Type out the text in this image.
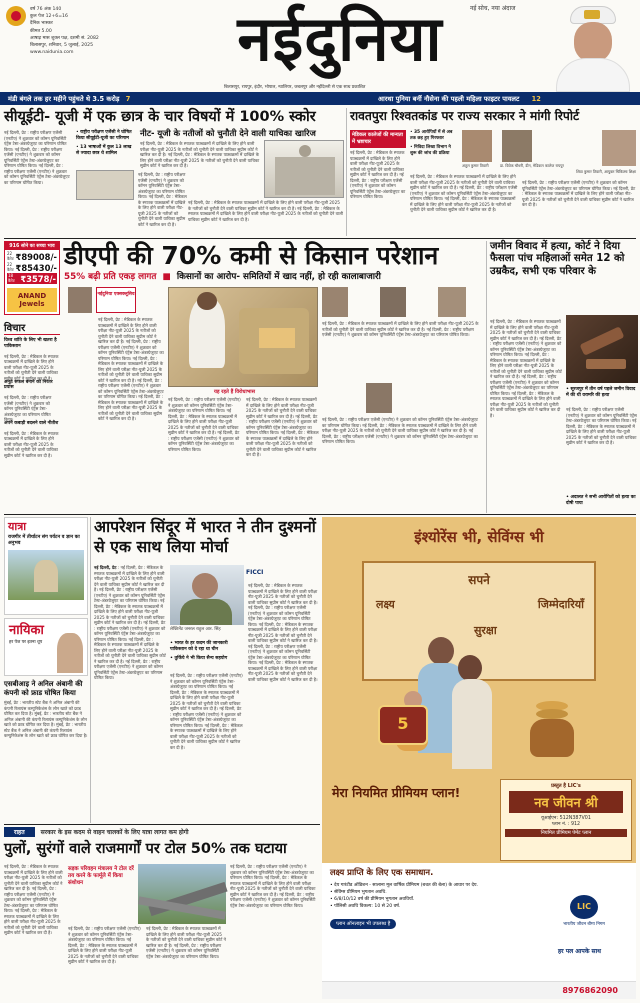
वर्ष 76 अंक 140
कुल पेज 12+6=16
दैनिक भास्कर
कीमत 5.00
आषाढ़ मास शुक्ल पक्ष, दशमी सं. 2082
बिलासपुर, शनिवार, 5 जुलाई, 2025
www.naidunia.com	नईदुनिया	नई सोच, नया अंदाज
बिलासपुर, रायपुर, इंदौर, भोपाल, ग्वालियर, जबलपुर और नईदिल्ली से एक साथ प्रकाशित
मंडी बंगले तक हर महीने पहुंचते थे 3.5 करोड़ 7	आरथा पुनिया बनीं नौसेना की पहली महिला फाइटर पायलट 12
सीयूईटी- यूजी में एक छात्र के चार विषयों में 100% स्कोर
नई दिल्ली, प्रेट : राष्ट्रीय परीक्षण एजेंसी (एनटीए) ने शुक्रवार को कॉमन यूनिवर्सिटी एंट्रेंस टेस्ट-अंडरग्रेजुएट का परिणाम घोषित किया। नई दिल्ली, प्रेट : राष्ट्रीय परीक्षण एजेंसी (एनटीए) ने शुक्रवार को कॉमन यूनिवर्सिटी एंट्रेंस टेस्ट-अंडरग्रेजुएट का परिणाम घोषित किया। नई दिल्ली, प्रेट : राष्ट्रीय परीक्षण एजेंसी (एनटीए) ने शुक्रवार को कॉमन यूनिवर्सिटी एंट्रेंस टेस्ट-अंडरग्रेजुएट का परिणाम घोषित किया।
• राष्ट्रीय परीक्षण एजेंसी ने घोषित किया सीयूईटी-यूजी का परिणाम
• 13 भाषाओं में कुल 13 लाख से ज्यादा छात्र थे शामिल
नई दिल्ली, प्रेट : राष्ट्रीय परीक्षण एजेंसी (एनटीए) ने शुक्रवार को कॉमन यूनिवर्सिटी एंट्रेंस टेस्ट-अंडरग्रेजुएट का परिणाम घोषित किया। नई दिल्ली, प्रेट : मेडिकल के स्नातक पाठ्यक्रमों में दाखिले के लिए होने वाली परीक्षा नीट-यूजी 2025 के नतीजों को चुनौती देने वाली याचिका सुप्रीम कोर्ट ने खारिज कर दी है।
नीट- यूजी के नतीजों को चुनौती देने वाली याचिका खारिज
नई दिल्ली, प्रेट : मेडिकल के स्नातक पाठ्यक्रमों में दाखिले के लिए होने वाली परीक्षा नीट-यूजी 2025 के नतीजों को चुनौती देने वाली याचिका सुप्रीम कोर्ट ने खारिज कर दी है। नई दिल्ली, प्रेट : मेडिकल के स्नातक पाठ्यक्रमों में दाखिले के लिए होने वाली परीक्षा नीट-यूजी 2025 के नतीजों को चुनौती देने वाली याचिका सुप्रीम कोर्ट ने खारिज कर दी है।
नई दिल्ली, प्रेट : मेडिकल के स्नातक पाठ्यक्रमों में दाखिले के लिए होने वाली परीक्षा नीट-यूजी 2025 के नतीजों को चुनौती देने वाली याचिका सुप्रीम कोर्ट ने खारिज कर दी है। नई दिल्ली, प्रेट : मेडिकल के स्नातक पाठ्यक्रमों में दाखिले के लिए होने वाली परीक्षा नीट-यूजी 2025 के नतीजों को चुनौती देने वाली याचिका सुप्रीम कोर्ट ने खारिज कर दी है।
रावतपुरा रिश्वतकांड पर राज्य सरकार ने मांगी रिपोर्ट
मेडिकल कालेजों की मान्यता में भ्रष्टाचार
• 35 आरोपियों में से अब तक छह हुए गिरफ्तार
• निविदा लिखा विभाग ने शुरू की जांच की प्रक्रिया
नई दिल्ली, प्रेट : मेडिकल के स्नातक पाठ्यक्रमों में दाखिले के लिए होने वाली परीक्षा नीट-यूजी 2025 के नतीजों को चुनौती देने वाली याचिका सुप्रीम कोर्ट ने खारिज कर दी है। नई दिल्ली, प्रेट : राष्ट्रीय परीक्षण एजेंसी (एनटीए) ने शुक्रवार को कॉमन यूनिवर्सिटी एंट्रेंस टेस्ट-अंडरग्रेजुएट का परिणाम घोषित किया।
नई दिल्ली, प्रेट : मेडिकल के स्नातक पाठ्यक्रमों में दाखिले के लिए होने वाली परीक्षा नीट-यूजी 2025 के नतीजों को चुनौती देने वाली याचिका सुप्रीम कोर्ट ने खारिज कर दी है। नई दिल्ली, प्रेट : राष्ट्रीय परीक्षण एजेंसी (एनटीए) ने शुक्रवार को कॉमन यूनिवर्सिटी एंट्रेंस टेस्ट-अंडरग्रेजुएट का परिणाम घोषित किया। नई दिल्ली, प्रेट : मेडिकल के स्नातक पाठ्यक्रमों में दाखिले के लिए होने वाली परीक्षा नीट-यूजी 2025 के नतीजों को चुनौती देने वाली याचिका सुप्रीम कोर्ट ने खारिज कर दी है।
अतुल कुमार तिवारी	डा. विवेक चौधरी, डीन, मेडिकल कालेज रायपुर
शिवा कुमार तिवारी, आयुक्त चिकित्सा शिक्षा
नई दिल्ली, प्रेट : राष्ट्रीय परीक्षण एजेंसी (एनटीए) ने शुक्रवार को कॉमन यूनिवर्सिटी एंट्रेंस टेस्ट-अंडरग्रेजुएट का परिणाम घोषित किया। नई दिल्ली, प्रेट : मेडिकल के स्नातक पाठ्यक्रमों में दाखिले के लिए होने वाली परीक्षा नीट-यूजी 2025 के नतीजों को चुनौती देने वाली याचिका सुप्रीम कोर्ट ने खारिज कर दी है।
916 सोने का सच्चा भाव
22 कैरेट ₹89008/-
22 कैरेट ₹85430/-
18 कैरेट ₹3578/-
ANAND Jewels
डीएपी की 70% कमी से किसान परेशान
55% बढ़ी प्रति एकड़ लागत ■ किसानों का आरोप- समितियों में खाद नहीं, हो रही कालाबाजारी
नईदुनिया एक्सक्लूसिव
नई दिल्ली, प्रेट : मेडिकल के स्नातक पाठ्यक्रमों में दाखिले के लिए होने वाली परीक्षा नीट-यूजी 2025 के नतीजों को चुनौती देने वाली याचिका सुप्रीम कोर्ट ने खारिज कर दी है। नई दिल्ली, प्रेट : राष्ट्रीय परीक्षण एजेंसी (एनटीए) ने शुक्रवार को कॉमन यूनिवर्सिटी एंट्रेंस टेस्ट-अंडरग्रेजुएट का परिणाम घोषित किया। नई दिल्ली, प्रेट : मेडिकल के स्नातक पाठ्यक्रमों में दाखिले के लिए होने वाली परीक्षा नीट-यूजी 2025 के नतीजों को चुनौती देने वाली याचिका सुप्रीम कोर्ट ने खारिज कर दी है। नई दिल्ली, प्रेट : राष्ट्रीय परीक्षण एजेंसी (एनटीए) ने शुक्रवार को कॉमन यूनिवर्सिटी एंट्रेंस टेस्ट-अंडरग्रेजुएट का परिणाम घोषित किया। नई दिल्ली, प्रेट : मेडिकल के स्नातक पाठ्यक्रमों में दाखिले के लिए होने वाली परीक्षा नीट-यूजी 2025 के नतीजों को चुनौती देने वाली याचिका सुप्रीम कोर्ट ने खारिज कर दी है।
यह रहते हैं विरोधाभास
नई दिल्ली, प्रेट : राष्ट्रीय परीक्षण एजेंसी (एनटीए) ने शुक्रवार को कॉमन यूनिवर्सिटी एंट्रेंस टेस्ट-अंडरग्रेजुएट का परिणाम घोषित किया। नई दिल्ली, प्रेट : मेडिकल के स्नातक पाठ्यक्रमों में दाखिले के लिए होने वाली परीक्षा नीट-यूजी 2025 के नतीजों को चुनौती देने वाली याचिका सुप्रीम कोर्ट ने खारिज कर दी है। नई दिल्ली, प्रेट : राष्ट्रीय परीक्षण एजेंसी (एनटीए) ने शुक्रवार को कॉमन यूनिवर्सिटी एंट्रेंस टेस्ट-अंडरग्रेजुएट का परिणाम घोषित किया।
नई दिल्ली, प्रेट : मेडिकल के स्नातक पाठ्यक्रमों में दाखिले के लिए होने वाली परीक्षा नीट-यूजी 2025 के नतीजों को चुनौती देने वाली याचिका सुप्रीम कोर्ट ने खारिज कर दी है। नई दिल्ली, प्रेट : राष्ट्रीय परीक्षण एजेंसी (एनटीए) ने शुक्रवार को कॉमन यूनिवर्सिटी एंट्रेंस टेस्ट-अंडरग्रेजुएट का परिणाम घोषित किया। नई दिल्ली, प्रेट : मेडिकल के स्नातक पाठ्यक्रमों में दाखिले के लिए होने वाली परीक्षा नीट-यूजी 2025 के नतीजों को चुनौती देने वाली याचिका सुप्रीम कोर्ट ने खारिज कर दी है।
नई दिल्ली, प्रेट : मेडिकल के स्नातक पाठ्यक्रमों में दाखिले के लिए होने वाली परीक्षा नीट-यूजी 2025 के नतीजों को चुनौती देने वाली याचिका सुप्रीम कोर्ट ने खारिज कर दी है। नई दिल्ली, प्रेट : राष्ट्रीय परीक्षण एजेंसी (एनटीए) ने शुक्रवार को कॉमन यूनिवर्सिटी एंट्रेंस टेस्ट-अंडरग्रेजुएट का परिणाम घोषित किया।
नई दिल्ली, प्रेट : राष्ट्रीय परीक्षण एजेंसी (एनटीए) ने शुक्रवार को कॉमन यूनिवर्सिटी एंट्रेंस टेस्ट-अंडरग्रेजुएट का परिणाम घोषित किया। नई दिल्ली, प्रेट : मेडिकल के स्नातक पाठ्यक्रमों में दाखिले के लिए होने वाली परीक्षा नीट-यूजी 2025 के नतीजों को चुनौती देने वाली याचिका सुप्रीम कोर्ट ने खारिज कर दी है। नई दिल्ली, प्रेट : राष्ट्रीय परीक्षण एजेंसी (एनटीए) ने शुक्रवार को कॉमन यूनिवर्सिटी एंट्रेंस टेस्ट-अंडरग्रेजुएट का परिणाम घोषित किया।
जमीन विवाद में हत्या, कोर्ट ने दिया फैसला पांच महिलाओं समेत 12 को उम्रकैद, सभी एक परिवार के
नई दिल्ली, प्रेट : मेडिकल के स्नातक पाठ्यक्रमों में दाखिले के लिए होने वाली परीक्षा नीट-यूजी 2025 के नतीजों को चुनौती देने वाली याचिका सुप्रीम कोर्ट ने खारिज कर दी है। नई दिल्ली, प्रेट : राष्ट्रीय परीक्षण एजेंसी (एनटीए) ने शुक्रवार को कॉमन यूनिवर्सिटी एंट्रेंस टेस्ट-अंडरग्रेजुएट का परिणाम घोषित किया। नई दिल्ली, प्रेट : मेडिकल के स्नातक पाठ्यक्रमों में दाखिले के लिए होने वाली परीक्षा नीट-यूजी 2025 के नतीजों को चुनौती देने वाली याचिका सुप्रीम कोर्ट ने खारिज कर दी है। नई दिल्ली, प्रेट : राष्ट्रीय परीक्षण एजेंसी (एनटीए) ने शुक्रवार को कॉमन यूनिवर्सिटी एंट्रेंस टेस्ट-अंडरग्रेजुएट का परिणाम घोषित किया। नई दिल्ली, प्रेट : मेडिकल के स्नातक पाठ्यक्रमों में दाखिले के लिए होने वाली परीक्षा नीट-यूजी 2025 के नतीजों को चुनौती देने वाली याचिका सुप्रीम कोर्ट ने खारिज कर दी है।
• सूरजपुर में तीन वर्ष पहले जमीन विवाद में की थी वरामरि की हत्या
नई दिल्ली, प्रेट : राष्ट्रीय परीक्षण एजेंसी (एनटीए) ने शुक्रवार को कॉमन यूनिवर्सिटी एंट्रेंस टेस्ट-अंडरग्रेजुएट का परिणाम घोषित किया। नई दिल्ली, प्रेट : मेडिकल के स्नातक पाठ्यक्रमों में दाखिले के लिए होने वाली परीक्षा नीट-यूजी 2025 के नतीजों को चुनौती देने वाली याचिका सुप्रीम कोर्ट ने खारिज कर दी है।
• अदालत ने सभी आरोपितों को हत्या का दोषी पाया
विचार
विश्व शांति के लिए भी खतरा है पाकिस्तान
नई दिल्ली, प्रेट : मेडिकल के स्नातक पाठ्यक्रमों में दाखिले के लिए होने वाली परीक्षा नीट-यूजी 2025 के नतीजों को चुनौती देने वाली याचिका सुप्रीम कोर्ट ने खारिज कर दी है।
अनूठे सफल बनाने को निरंतर प्रयास
नई दिल्ली, प्रेट : राष्ट्रीय परीक्षण एजेंसी (एनटीए) ने शुक्रवार को कॉमन यूनिवर्सिटी एंट्रेंस टेस्ट-अंडरग्रेजुएट का परिणाम घोषित किया।
अपने कबाड़ी बदलने वाले नीतीश
नई दिल्ली, प्रेट : मेडिकल के स्नातक पाठ्यक्रमों में दाखिले के लिए होने वाली परीक्षा नीट-यूजी 2025 के नतीजों को चुनौती देने वाली याचिका सुप्रीम कोर्ट ने खारिज कर दी है।
यात्रा
राजगीर में तीर्थाटन संग पर्यटन व ज्ञान का अनुभव
नायिका
हर पेज पर इतना धूप
एसबीआइ ने अनिल अंबानी की कंपनी को फ्राड घोषित किया
मुंबई, प्रेट : भारतीय स्टेट बैंक ने अनिल अंबानी की कंपनी रिलायंस कम्युनिकेशंस के लोन खाते को फ्राड घोषित कर दिया है। मुंबई, प्रेट : भारतीय स्टेट बैंक ने अनिल अंबानी की कंपनी रिलायंस कम्युनिकेशंस के लोन खाते को फ्राड घोषित कर दिया है। मुंबई, प्रेट : भारतीय स्टेट बैंक ने अनिल अंबानी की कंपनी रिलायंस कम्युनिकेशंस के लोन खाते को फ्राड घोषित कर दिया है।
आपरेशन सिंदूर में भारत ने तीन दुश्मनों से एक साथ लिया मोर्चा
नई दिल्ली, प्रेट : नई दिल्ली, प्रेट : मेडिकल के स्नातक पाठ्यक्रमों में दाखिले के लिए होने वाली परीक्षा नीट-यूजी 2025 के नतीजों को चुनौती देने वाली याचिका सुप्रीम कोर्ट ने खारिज कर दी है। नई दिल्ली, प्रेट : राष्ट्रीय परीक्षण एजेंसी (एनटीए) ने शुक्रवार को कॉमन यूनिवर्सिटी एंट्रेंस टेस्ट-अंडरग्रेजुएट का परिणाम घोषित किया। नई दिल्ली, प्रेट : मेडिकल के स्नातक पाठ्यक्रमों में दाखिले के लिए होने वाली परीक्षा नीट-यूजी 2025 के नतीजों को चुनौती देने वाली याचिका सुप्रीम कोर्ट ने खारिज कर दी है। नई दिल्ली, प्रेट : राष्ट्रीय परीक्षण एजेंसी (एनटीए) ने शुक्रवार को कॉमन यूनिवर्सिटी एंट्रेंस टेस्ट-अंडरग्रेजुएट का परिणाम घोषित किया। नई दिल्ली, प्रेट : मेडिकल के स्नातक पाठ्यक्रमों में दाखिले के लिए होने वाली परीक्षा नीट-यूजी 2025 के नतीजों को चुनौती देने वाली याचिका सुप्रीम कोर्ट ने खारिज कर दी है। नई दिल्ली, प्रेट : राष्ट्रीय परीक्षण एजेंसी (एनटीए) ने शुक्रवार को कॉमन यूनिवर्सिटी एंट्रेंस टेस्ट-अंडरग्रेजुएट का परिणाम घोषित किया।
FICCI
लेफ्टिनेंट जनरल राहुल आर. सिंह
• भारत के हर कदम की जानकारी पाकिस्तान को दे रहा था चीन
• तुर्किये ने भी किया सैन्य सहयोग
नई दिल्ली, प्रेट : राष्ट्रीय परीक्षण एजेंसी (एनटीए) ने शुक्रवार को कॉमन यूनिवर्सिटी एंट्रेंस टेस्ट-अंडरग्रेजुएट का परिणाम घोषित किया। नई दिल्ली, प्रेट : मेडिकल के स्नातक पाठ्यक्रमों में दाखिले के लिए होने वाली परीक्षा नीट-यूजी 2025 के नतीजों को चुनौती देने वाली याचिका सुप्रीम कोर्ट ने खारिज कर दी है। नई दिल्ली, प्रेट : राष्ट्रीय परीक्षण एजेंसी (एनटीए) ने शुक्रवार को कॉमन यूनिवर्सिटी एंट्रेंस टेस्ट-अंडरग्रेजुएट का परिणाम घोषित किया। नई दिल्ली, प्रेट : मेडिकल के स्नातक पाठ्यक्रमों में दाखिले के लिए होने वाली परीक्षा नीट-यूजी 2025 के नतीजों को चुनौती देने वाली याचिका सुप्रीम कोर्ट ने खारिज कर दी है।
नई दिल्ली, प्रेट : मेडिकल के स्नातक पाठ्यक्रमों में दाखिले के लिए होने वाली परीक्षा नीट-यूजी 2025 के नतीजों को चुनौती देने वाली याचिका सुप्रीम कोर्ट ने खारिज कर दी है। नई दिल्ली, प्रेट : राष्ट्रीय परीक्षण एजेंसी (एनटीए) ने शुक्रवार को कॉमन यूनिवर्सिटी एंट्रेंस टेस्ट-अंडरग्रेजुएट का परिणाम घोषित किया। नई दिल्ली, प्रेट : मेडिकल के स्नातक पाठ्यक्रमों में दाखिले के लिए होने वाली परीक्षा नीट-यूजी 2025 के नतीजों को चुनौती देने वाली याचिका सुप्रीम कोर्ट ने खारिज कर दी है। नई दिल्ली, प्रेट : राष्ट्रीय परीक्षण एजेंसी (एनटीए) ने शुक्रवार को कॉमन यूनिवर्सिटी एंट्रेंस टेस्ट-अंडरग्रेजुएट का परिणाम घोषित किया। नई दिल्ली, प्रेट : मेडिकल के स्नातक पाठ्यक्रमों में दाखिले के लिए होने वाली परीक्षा नीट-यूजी 2025 के नतीजों को चुनौती देने वाली याचिका सुप्रीम कोर्ट ने खारिज कर दी है।
इंश्योरेंस भी, सेविंग्स भी
सपने
लक्ष्य	जिम्मेदारियाँ
सुरक्षा
मेरा नियमित प्रीमियम प्लान!
5
प्रस्तुत है LIC's
नव जीवन श्री
यूआईएन: 512N387V01
प्लान नं. : 912
नियमित प्रीमियम पेमेंट प्लान
लक्ष्य प्राप्ति के लिए एक समाधान.
• देय गारंटीड ऑडिशन - सालाना मूल वार्षिक प्रीमियम (बचत की बेला) के आधार पर देय.
• सेविंग्स प्रीमियम भुगतान अवधि.
• 6/8/10/12 वर्ष की प्रीमियम भुगतान अवधियाँ.
• पॉलिसी अवधि विकल्प: 10 से 20 वर्ष.
प्लान ऑनलाइन भी उपलब्ध है
LIC
भारतीय जीवन बीमा निगम
हर पल आपके साथ
8976862090
राहत	सरकार के इस कदम से वाहन चालकों के लिए यात्रा लागत कम होगी
पुलों, सुरंगों वाले राजमार्गों पर टोल 50% तक घटाया
नई दिल्ली, प्रेट : मेडिकल के स्नातक पाठ्यक्रमों में दाखिले के लिए होने वाली परीक्षा नीट-यूजी 2025 के नतीजों को चुनौती देने वाली याचिका सुप्रीम कोर्ट ने खारिज कर दी है। नई दिल्ली, प्रेट : राष्ट्रीय परीक्षण एजेंसी (एनटीए) ने शुक्रवार को कॉमन यूनिवर्सिटी एंट्रेंस टेस्ट-अंडरग्रेजुएट का परिणाम घोषित किया। नई दिल्ली, प्रेट : मेडिकल के स्नातक पाठ्यक्रमों में दाखिले के लिए होने वाली परीक्षा नीट-यूजी 2025 के नतीजों को चुनौती देने वाली याचिका सुप्रीम कोर्ट ने खारिज कर दी है।
सड़क परिवहन मंत्रालय ने टोल दरें तय करने के फार्मूले में किया संशोधन
नई दिल्ली, प्रेट : राष्ट्रीय परीक्षण एजेंसी (एनटीए) ने शुक्रवार को कॉमन यूनिवर्सिटी एंट्रेंस टेस्ट-अंडरग्रेजुएट का परिणाम घोषित किया। नई दिल्ली, प्रेट : मेडिकल के स्नातक पाठ्यक्रमों में दाखिले के लिए होने वाली परीक्षा नीट-यूजी 2025 के नतीजों को चुनौती देने वाली याचिका सुप्रीम कोर्ट ने खारिज कर दी है।
नई दिल्ली, प्रेट : मेडिकल के स्नातक पाठ्यक्रमों में दाखिले के लिए होने वाली परीक्षा नीट-यूजी 2025 के नतीजों को चुनौती देने वाली याचिका सुप्रीम कोर्ट ने खारिज कर दी है। नई दिल्ली, प्रेट : राष्ट्रीय परीक्षण एजेंसी (एनटीए) ने शुक्रवार को कॉमन यूनिवर्सिटी एंट्रेंस टेस्ट-अंडरग्रेजुएट का परिणाम घोषित किया।
नई दिल्ली, प्रेट : राष्ट्रीय परीक्षण एजेंसी (एनटीए) ने शुक्रवार को कॉमन यूनिवर्सिटी एंट्रेंस टेस्ट-अंडरग्रेजुएट का परिणाम घोषित किया। नई दिल्ली, प्रेट : मेडिकल के स्नातक पाठ्यक्रमों में दाखिले के लिए होने वाली परीक्षा नीट-यूजी 2025 के नतीजों को चुनौती देने वाली याचिका सुप्रीम कोर्ट ने खारिज कर दी है। नई दिल्ली, प्रेट : राष्ट्रीय परीक्षण एजेंसी (एनटीए) ने शुक्रवार को कॉमन यूनिवर्सिटी एंट्रेंस टेस्ट-अंडरग्रेजुएट का परिणाम घोषित किया।
